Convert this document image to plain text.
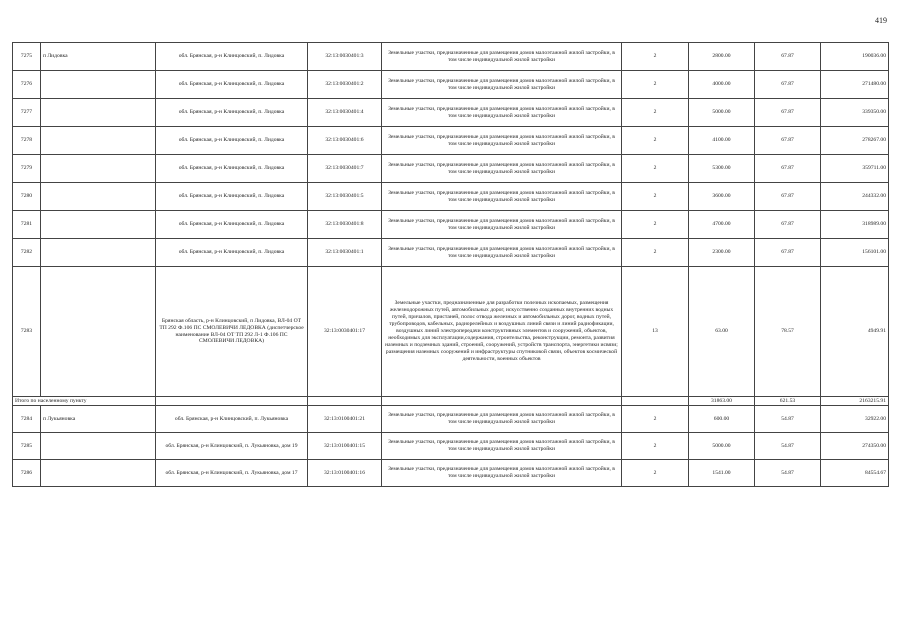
419
7275	п Лидовка	обл. Брянская, р-н Клинцовский, п. Лидовка	32:13:0030401:3	Земельные участки, предназначенные для размещения домов малоэтажной жилой застройки, в том числе индивидуальной жилой застройки	2	2800.00	67.87	190036.00
7276		обл. Брянская, р-н Клинцовский, п. Лидовка	32:13:0030401:2	Земельные участки, предназначенные для размещения домов малоэтажной жилой застройки, в том числе индивидуальной жилой застройки	2	4000.00	67.87	271480.00
7277		обл. Брянская, р-н Клинцовский, п. Лидовка	32:13:0030401:4	Земельные участки, предназначенные для размещения домов малоэтажной жилой застройки, в том числе индивидуальной жилой застройки	2	5000.00	67.87	339350.00
7278		обл. Брянская, р-н Клинцовский, п. Лидовка	32:13:0030401:6	Земельные участки, предназначенные для размещения домов малоэтажной жилой застройки, в том числе индивидуальной жилой застройки	2	4100.00	67.87	278267.00
7279		обл. Брянская, р-н Клинцовский, п. Лидовка	32:13:0030401:7	Земельные участки, предназначенные для размещения домов малоэтажной жилой застройки, в том числе индивидуальной жилой застройки	2	5300.00	67.87	359711.00
7280		обл. Брянская, р-н Клинцовский, п. Лидовка	32:13:0030401:5	Земельные участки, предназначенные для размещения домов малоэтажной жилой застройки, в том числе индивидуальной жилой застройки	2	3600.00	67.87	244332.00
7281		обл. Брянская, р-н Клинцовский, п. Лидовка	32:13:0030401:8	Земельные участки, предназначенные для размещения домов малоэтажной жилой застройки, в том числе индивидуальной жилой застройки	2	4700.00	67.87	318989.00
7282		обл. Брянская, р-н Клинцовский, п. Лидовка	32:13:0030401:1	Земельные участки, предназначенные для размещения домов малоэтажной жилой застройки, в том числе индивидуальной жилой застройки	2	2300.00	67.87	156101.00
7283		Брянская область, р-н Клинцовский, п Лидовка, ВЛ-04 ОТ ТП 292 Ф.106 ПС СМОЛЕВИЧИ ЛЕДОВКА (диспетчерское наименование ВЛ-04 ОТ ТП 292 Л-1 Ф.106 ПС СМОЛЕВИЧИ ЛЕДОВКА)	32:13:0030401:17	Земельные участки, предназначенные для разработки полезных ископаемых, размещения железнодорожных путей, автомобильных дорог, искусственно созданных внутренних водных путей, причалов, пристаней, полос отвода железных и автомобильных дорог, водных путей, трубопроводов, кабельных, радиорелейных и воздушных линий связи и линий радиофикации, воздушных линий электропередачи конструктивных элементов и сооружений, объектов, необходимых для эксплуатации,содержания, строительства, реконструкции, ремонта, развития наземных и подземных зданий, строений, сооружений, устройств транспорта, энергетики исвязи; размещения наземных сооружений и инфраструктуры спутниковой связи, объектов космической деятельности, военных объектов	13	63.00	78.57	4949.91
Итого по населенному пункту						31863.00	621.53	2163215.91
7284	п Лукьяновка	обл. Брянская, р-н Клинцовский, п. Лукьяновка	32:13:0100401:21	Земельные участки, предназначенные для размещения домов малоэтажной жилой застройки, в том числе индивидуальной жилой застройки	2	600.00	54.87	32922.00
7285		обл. Брянская, р-н Клинцовский, п. Лукьяновка, дом 19	32:13:0100401:15	Земельные участки, предназначенные для размещения домов малоэтажной жилой застройки, в том числе индивидуальной жилой застройки	2	5000.00	54.87	274350.00
7286		обл. Брянская, р-н Клинцовский, п. Лукьяновка, дом 17	32:13:0100401:16	Земельные участки, предназначенные для размещения домов малоэтажной жилой застройки, в том числе индивидуальной жилой застройки	2	1541.00	54.87	84554.67
